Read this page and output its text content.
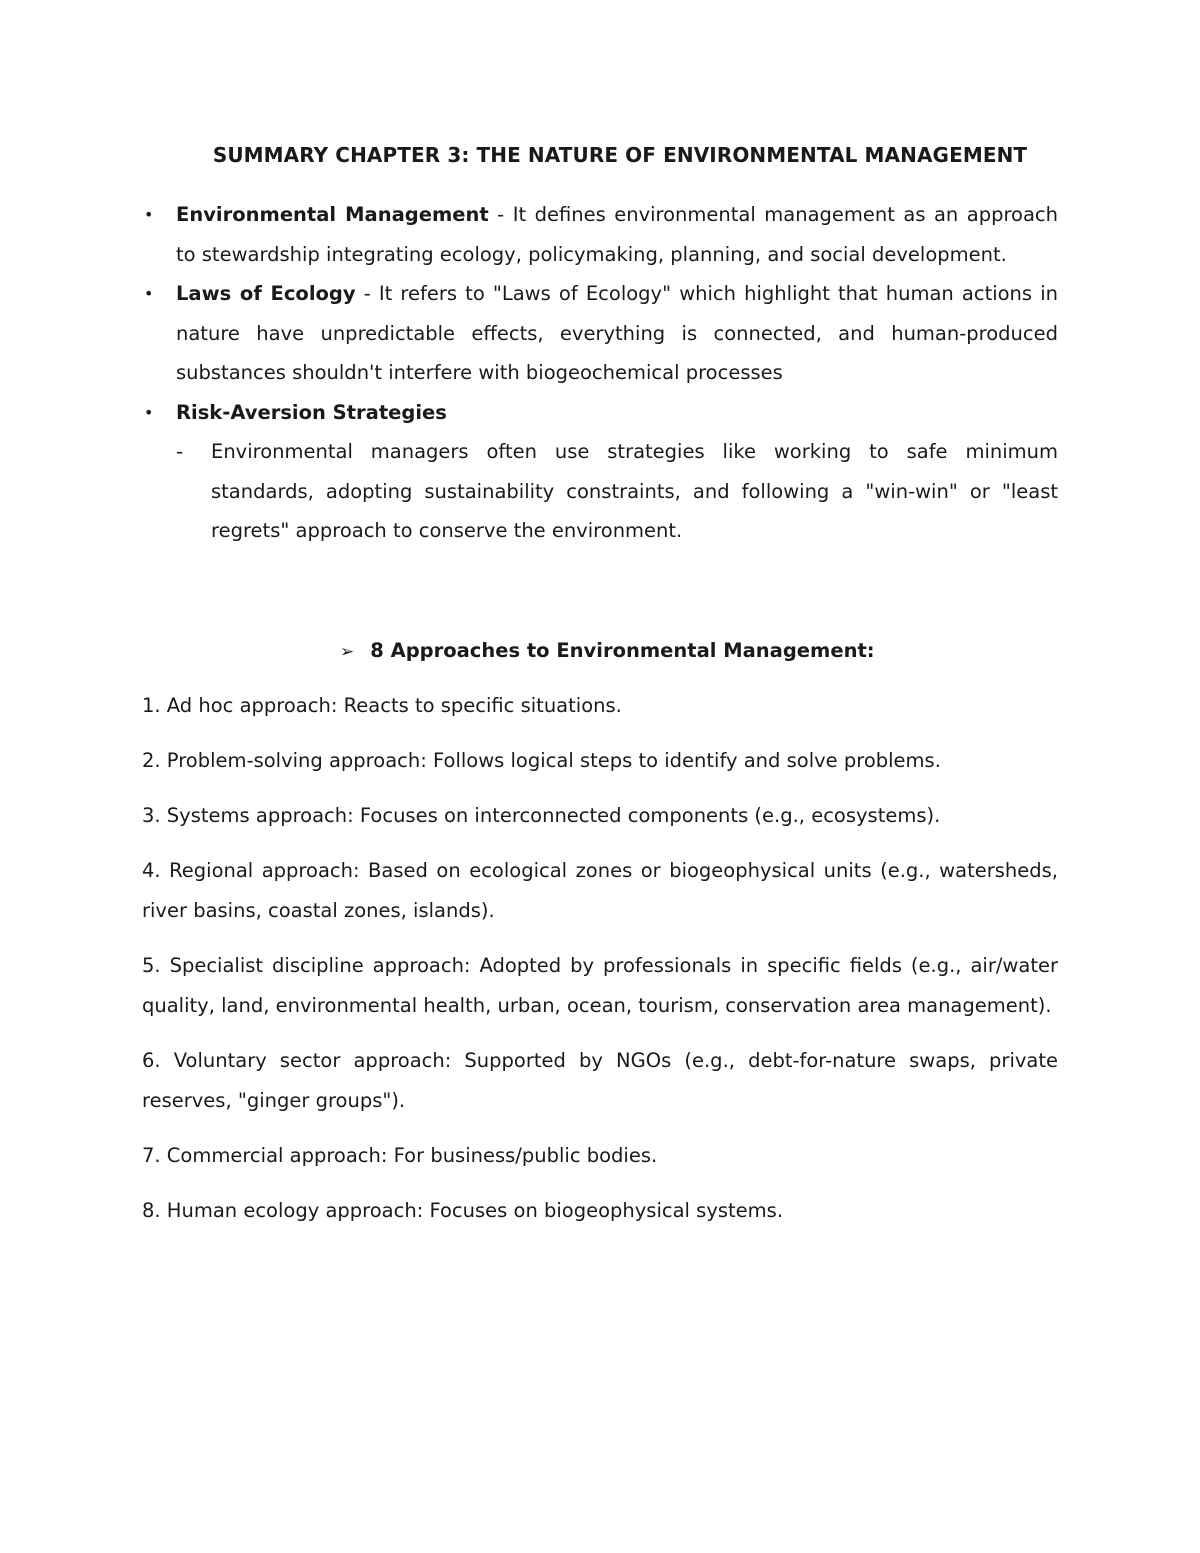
SUMMARY CHAPTER 3: THE NATURE OF ENVIRONMENTAL MANAGEMENT
• Environmental Management - It defines environmental management as an approach to stewardship integrating ecology, policymaking, planning, and social development.
• Laws of Ecology - It refers to "Laws of Ecology" which highlight that human actions in nature have unpredictable effects, everything is connected, and human-produced substances shouldn't interfere with biogeochemical processes
• Risk-Aversion Strategies
- Environmental managers often use strategies like working to safe minimum standards, adopting sustainability constraints, and following a "win-win" or "least regrets" approach to conserve the environment.
➢ 8 Approaches to Environmental Management:
1. Ad hoc approach: Reacts to specific situations.
2. Problem-solving approach: Follows logical steps to identify and solve problems.
3. Systems approach: Focuses on interconnected components (e.g., ecosystems).
4. Regional approach: Based on ecological zones or biogeophysical units (e.g., watersheds, river basins, coastal zones, islands).
5. Specialist discipline approach: Adopted by professionals in specific fields (e.g., air/water quality, land, environmental health, urban, ocean, tourism, conservation area management).
6. Voluntary sector approach: Supported by NGOs (e.g., debt-for-nature swaps, private reserves, "ginger groups").
7. Commercial approach: For business/public bodies.
8. Human ecology approach: Focuses on biogeophysical systems.
